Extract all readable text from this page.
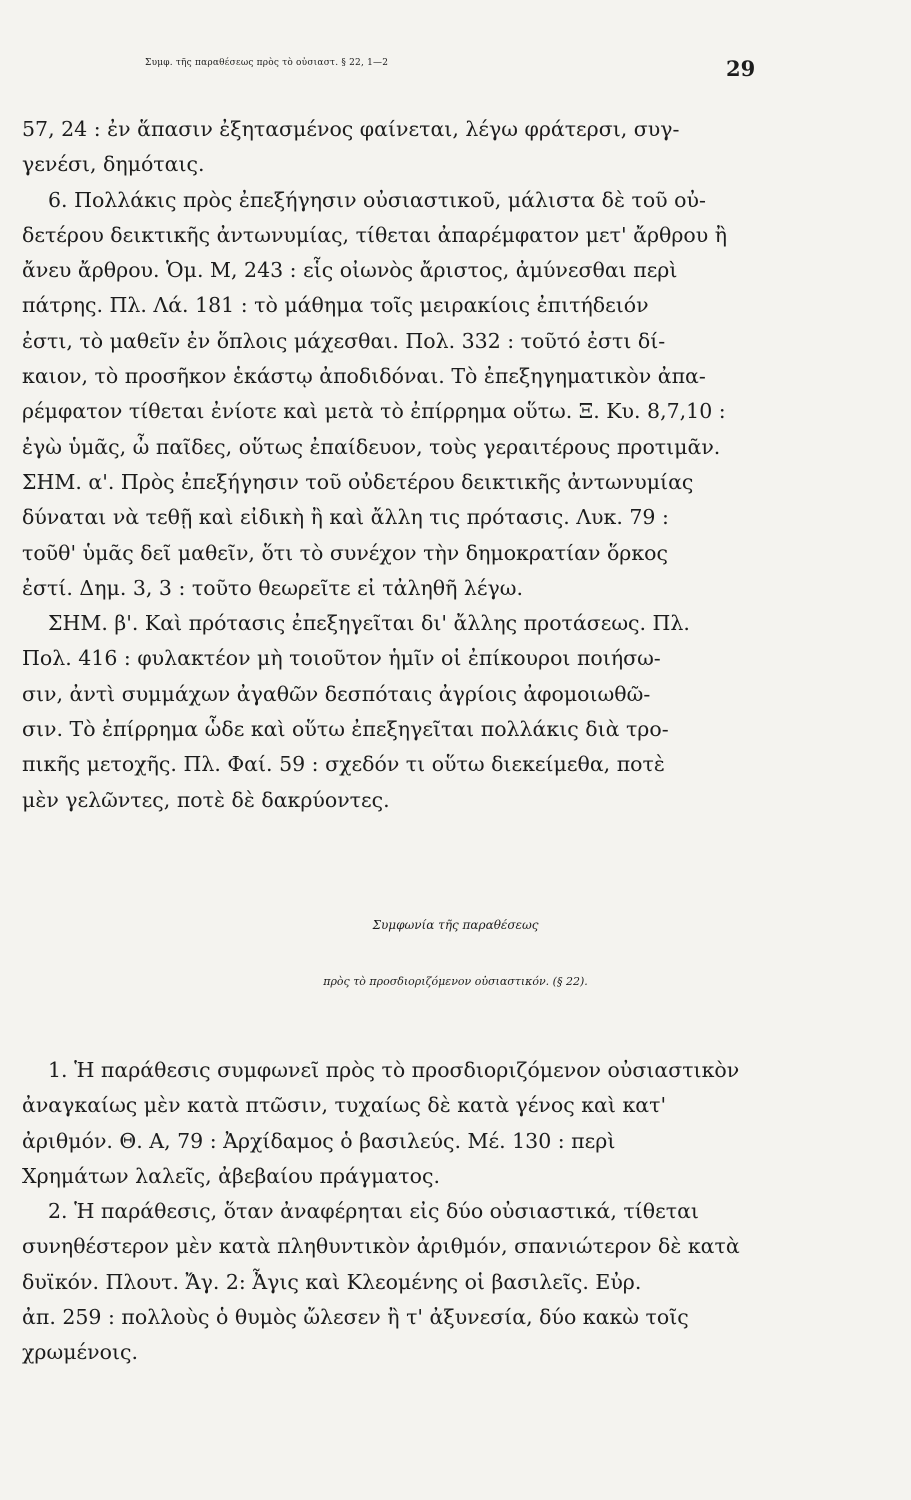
Συμφ. τῆς παραθέσεως πρὸς τὸ οὐσιαστ. § 22, 1—2	29
57, 24 : ἐν ἅπασιν ἐξητασμένος φαίνεται, λέγω φράτερσι, συγ-
γενέσι, δημόταις.
6. Πολλάκις πρὸς ἐπεξήγησιν οὐσιαστικοῦ, μάλιστα δὲ τοῦ οὐ-
δετέρου δεικτικῆς ἀντωνυμίας, τίθεται ἀπαρέμφατον μετ' ἄρθρου ἢ
ἄνευ ἄρθρου. Ὁμ. Μ, 243 : εἷς οἰωνὸς ἄριστος, ἀμύνεσθαι περὶ
πάτρης. Πλ. Λά. 181 : τὸ μάθημα τοῖς μειρακίοις ἐπιτήδειόν
ἐστι, τὸ μαθεῖν ἐν ὅπλοις μάχεσθαι. Πολ. 332 : τοῦτό ἐστι δί-
καιον, τὸ προσῆκον ἑκάστῳ ἀποδιδόναι. Τὸ ἐπεξηγηματικὸν ἀπα-
ρέμφατον τίθεται ἐνίοτε καὶ μετὰ τὸ ἐπίρρημα οὕτω. Ξ. Κυ. 8,7,10 :
ἐγὼ ὑμᾶς, ὦ παῖδες, οὕτως ἐπαίδευον, τοὺς γεραιτέρους προτιμᾶν.
ΣΗΜ. α'. Πρὸς ἐπεξήγησιν τοῦ οὐδετέρου δεικτικῆς ἀντωνυμίας
δύναται νὰ τεθῇ καὶ εἰδικὴ ἢ καὶ ἄλλη τις πρότασις. Λυκ. 79 :
τοῦθ' ὑμᾶς δεῖ μαθεῖν, ὅτι τὸ συνέχον τὴν δημοκρατίαν ὅρκος
ἐστί. Δημ. 3, 3 : τοῦτο θεωρεῖτε εἰ τἀληθῆ λέγω.
ΣΗΜ. β'. Καὶ πρότασις ἐπεξηγεῖται δι' ἄλλης προτάσεως. Πλ.
Πολ. 416 : φυλακτέον μὴ τοιοῦτον ἡμῖν οἱ ἐπίκουροι ποιήσω-
σιν, ἀντὶ συμμάχων ἀγαθῶν δεσπόταις ἀγρίοις ἀφομοιωθῶ-
σιν. Τὸ ἐπίρρημα ὧδε καὶ οὕτω ἐπεξηγεῖται πολλάκις διὰ τρο-
πικῆς μετοχῆς. Πλ. Φαί. 59 : σχεδόν τι οὕτω διεκείμεθα, ποτὲ
μὲν γελῶντες, ποτὲ δὲ δακρύοντες.
Συμφωνία τῆς παραθέσεως
πρὸς τὸ προσδιοριζόμενον οὐσιαστικόν. (§ 22).
1. Ἡ παράθεσις συμφωνεῖ πρὸς τὸ προσδιοριζόμενον οὐσιαστικὸν
ἀναγκαίως μὲν κατὰ πτῶσιν, τυχαίως δὲ κατὰ γένος καὶ κατ'
ἀριθμόν. Θ. Α, 79 : Ἀρχίδαμος ὁ βασιλεύς. Μέ. 130 : περὶ
Χρημάτων λαλεῖς, ἀβεβαίου πράγματος.
2. Ἡ παράθεσις, ὅταν ἀναφέρηται εἰς δύο οὐσιαστικά, τίθεται
συνηθέστερον μὲν κατὰ πληθυντικὸν ἀριθμόν, σπανιώτερον δὲ κατὰ
δυϊκόν. Πλουτ. Ἄγ. 2: Ἆγις καὶ Κλεομένης οἱ βασιλεῖς. Εὐρ.
ἀπ. 259 : πολλοὺς ὁ θυμὸς ὤλεσεν ἢ τ' ἀξυνεσία, δύο κακὼ τοῖς
χρωμένοις.
